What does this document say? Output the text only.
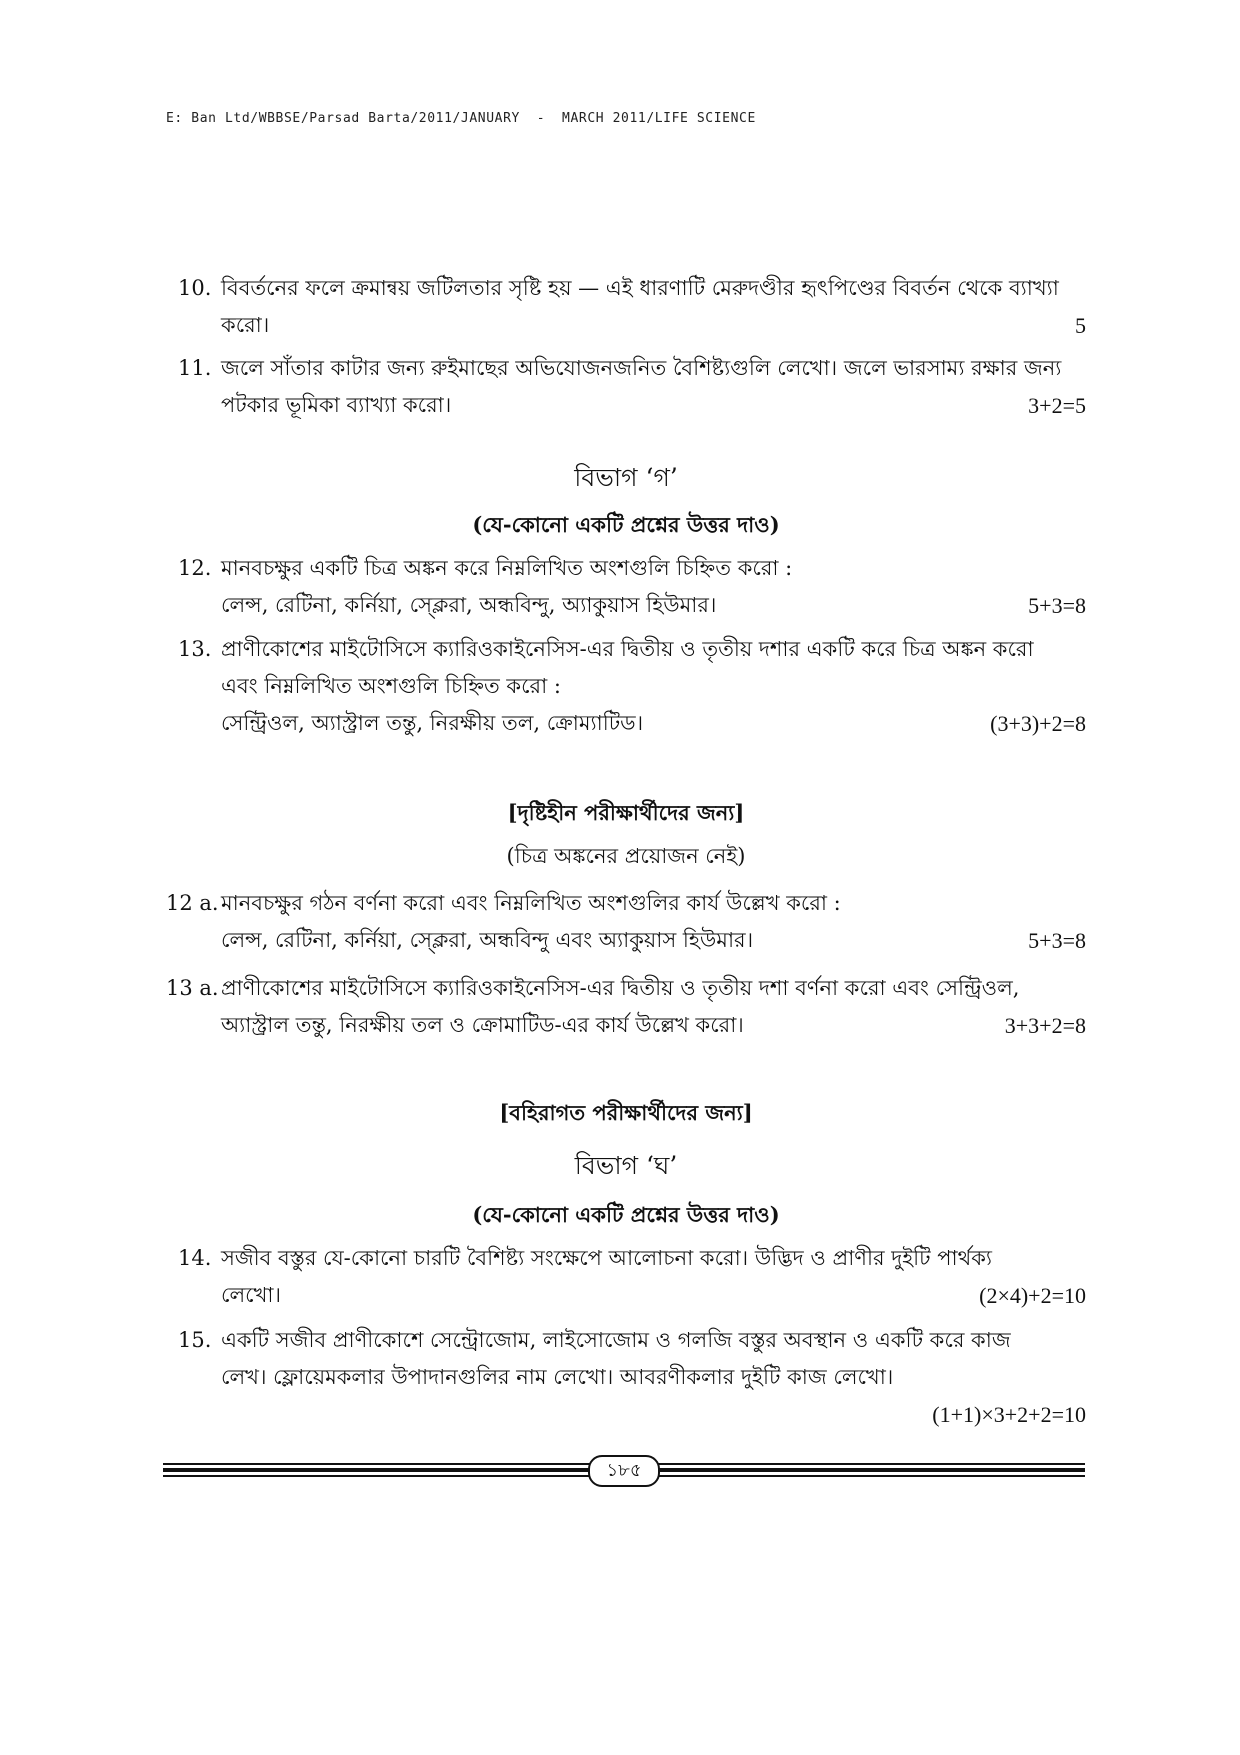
E: Ban Ltd/WBBSE/Parsad Barta/2011/JANUARY  -  MARCH 2011/LIFE SCIENCE
10. বিবর্তনের ফলে ক্রমান্বয় জটিলতার সৃষ্টি হয় — এই ধারণাটি মেরুদণ্ডীর হৃৎপিণ্ডের বিবর্তন থেকে ব্যাখ্যা
করো।	5
11. জলে সাঁতার কাটার জন্য রুইমাছের অভিযোজনজনিত বৈশিষ্ট্যগুলি লেখো। জলে ভারসাম্য রক্ষার জন্য
পটকার ভূমিকা ব্যাখ্যা করো।	3+2=5
বিভাগ ‘গ’
(যে-কোনো একটি প্রশ্নের উত্তর দাও)
12. মানবচক্ষুর একটি চিত্র অঙ্কন করে নিম্নলিখিত অংশগুলি চিহ্নিত করো :
লেন্স, রেটিনা, কর্নিয়া, স্ক্লেরা, অন্ধবিন্দু, অ্যাকুয়াস হিউমার।	5+3=8
13. প্রাণীকোশের মাইটোসিসে ক্যারিওকাইনেসিস-এর দ্বিতীয় ও তৃতীয় দশার একটি করে চিত্র অঙ্কন করো
এবং নিম্নলিখিত অংশগুলি চিহ্নিত করো :
সেন্ট্রিওল, অ্যাস্ট্রাল তন্তু, নিরক্ষীয় তল, ক্রোম্যাটিড।	(3+3)+2=8
[দৃষ্টিহীন পরীক্ষার্থীদের জন্য]
(চিত্র অঙ্কনের প্রয়োজন নেই)
12 a. মানবচক্ষুর গঠন বর্ণনা করো এবং নিম্নলিখিত অংশগুলির কার্য উল্লেখ করো :
লেন্স, রেটিনা, কর্নিয়া, স্ক্লেরা, অন্ধবিন্দু এবং অ্যাকুয়াস হিউমার।	5+3=8
13 a. প্রাণীকোশের মাইটোসিসে ক্যারিওকাইনেসিস-এর দ্বিতীয় ও তৃতীয় দশা বর্ণনা করো এবং সেন্ট্রিওল,
অ্যাস্ট্রাল তন্তু, নিরক্ষীয় তল ও ক্রোমাটিড-এর কার্য উল্লেখ করো।	3+3+2=8
[বহিরাগত পরীক্ষার্থীদের জন্য]
বিভাগ ‘ঘ’
(যে-কোনো একটি প্রশ্নের উত্তর দাও)
14. সজীব বস্তুর যে-কোনো চারটি বৈশিষ্ট্য সংক্ষেপে আলোচনা করো। উদ্ভিদ ও প্রাণীর দুইটি পার্থক্য
লেখো।	(2×4)+2=10
15. একটি সজীব প্রাণীকোশে সেন্ট্রোজোম, লাইসোজোম ও গলজি বস্তুর অবস্থান ও একটি করে কাজ
লেখ। ফ্লোয়েমকলার উপাদানগুলির নাম লেখো। আবরণীকলার দুইটি কাজ লেখো।
(1+1)×3+2+2=10
১৮৫
